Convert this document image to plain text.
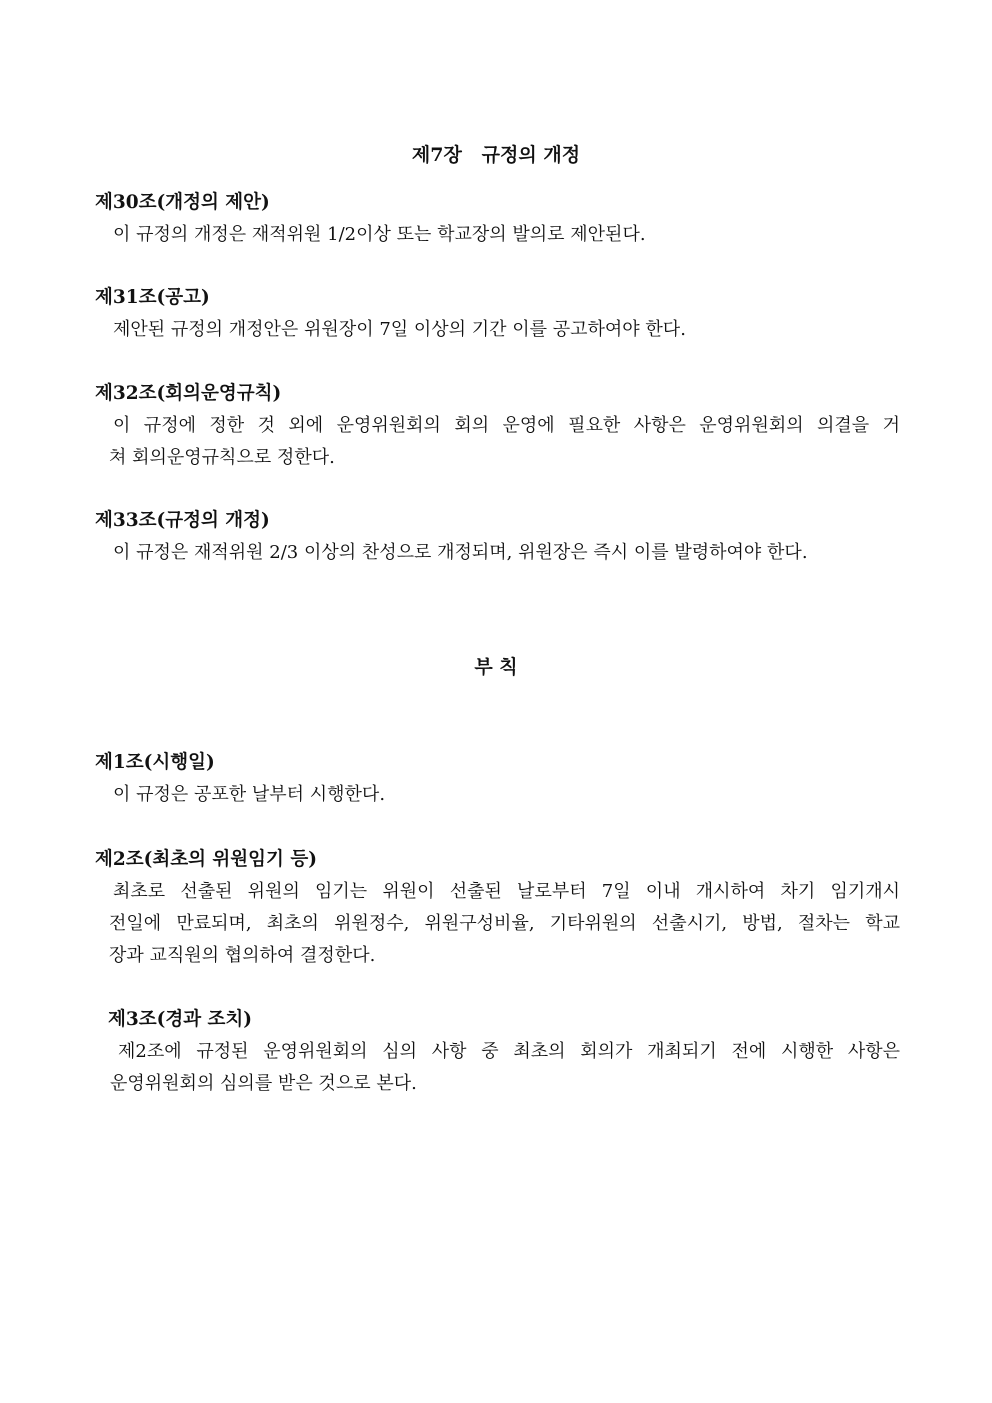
제7장   규정의 개정
제30조(개정의 제안)
이 규정의 개정은 재적위원 1/2이상 또는 학교장의 발의로 제안된다.
제31조(공고)
제안된 규정의 개정안은 위원장이 7일 이상의 기간 이를 공고하여야 한다.
제32조(회의운영규칙)
이 규정에 정한 것 외에 운영위원회의 회의 운영에 필요한 사항은 운영위원회의 의결을 거
쳐 회의운영규칙으로 정한다.
제33조(규정의 개정)
이 규정은 재적위원 2/3 이상의 찬성으로 개정되며, 위원장은 즉시 이를 발령하여야 한다.
부 칙
제1조(시행일)
이 규정은 공포한 날부터 시행한다.
제2조(최초의 위원임기 등)
최초로 선출된 위원의 임기는 위원이 선출된 날로부터 7일 이내 개시하여 차기 임기개시
전일에 만료되며, 최초의 위원정수, 위원구성비율, 기타위원의 선출시기, 방법, 절차는 학교
장과 교직원의 협의하여 결정한다.
제3조(경과 조치)
제2조에 규정된 운영위원회의 심의 사항 중 최초의 회의가 개최되기 전에 시행한 사항은
운영위원회의 심의를 받은 것으로 본다.
